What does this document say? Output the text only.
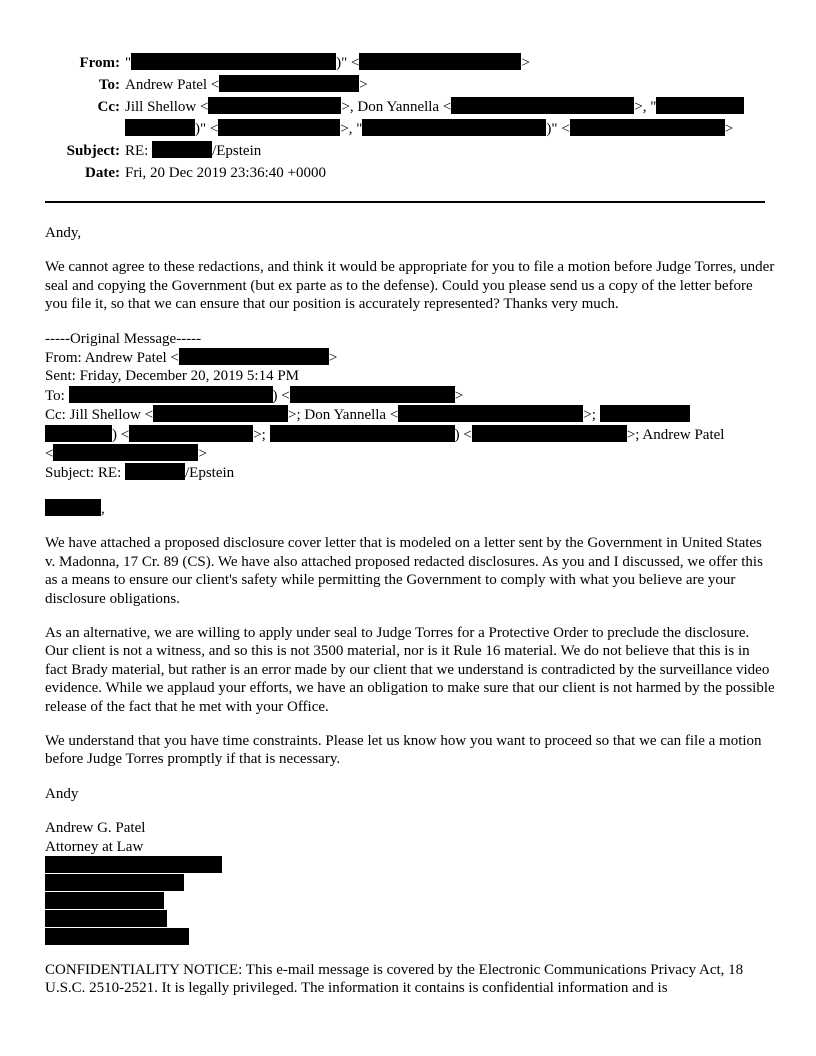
From: "	)" <	>
To: Andrew Patel <	>
Cc: Jill Shellow <	>, Don Yannella <	>, "
)" <	>, "	)" <	>
Subject: RE:	/Epstein
Date: Fri, 20 Dec 2019 23:36:40 +0000

Andy,

We cannot agree to these redactions, and think it would be appropriate for you to file a motion before Judge Torres, under seal and copying the Government (but ex parte as to the defense). Could you please send us a copy of the letter before you file it, so that we can ensure that our position is accurately represented? Thanks very much.

-----Original Message-----
From: Andrew Patel <	>
Sent: Friday, December 20, 2019 5:14 PM
To:	) <	>
Cc: Jill Shellow <	>; Don Yannella <	>;
) <	>;	) <	>; Andrew Patel
<	>
Subject: RE:	/Epstein

,

We have attached a proposed disclosure cover letter that is modeled on a letter sent by the Government in United States v. Madonna, 17 Cr. 89 (CS). We have also attached proposed redacted disclosures. As you and I discussed, we offer this as a means to ensure our client's safety while permitting the Government to comply with what you believe are your disclosure obligations.

As an alternative, we are willing to apply under seal to Judge Torres for a Protective Order to preclude the disclosure. Our client is not a witness, and so this is not 3500 material, nor is it Rule 16 material. We do not believe that this is in fact Brady material, but rather is an error made by our client that we understand is contradicted by the surveillance video evidence. While we applaud your efforts, we have an obligation to make sure that our client is not harmed by the possible release of the fact that he met with your Office.

We understand that you have time constraints. Please let us know how you want to proceed so that we can file a motion before Judge Torres promptly if that is necessary.

Andy

Andrew G. Patel
Attorney at Law

CONFIDENTIALITY NOTICE: This e-mail message is covered by the Electronic Communications Privacy Act, 18 U.S.C. 2510-2521. It is legally privileged. The information it contains is confidential information and is
